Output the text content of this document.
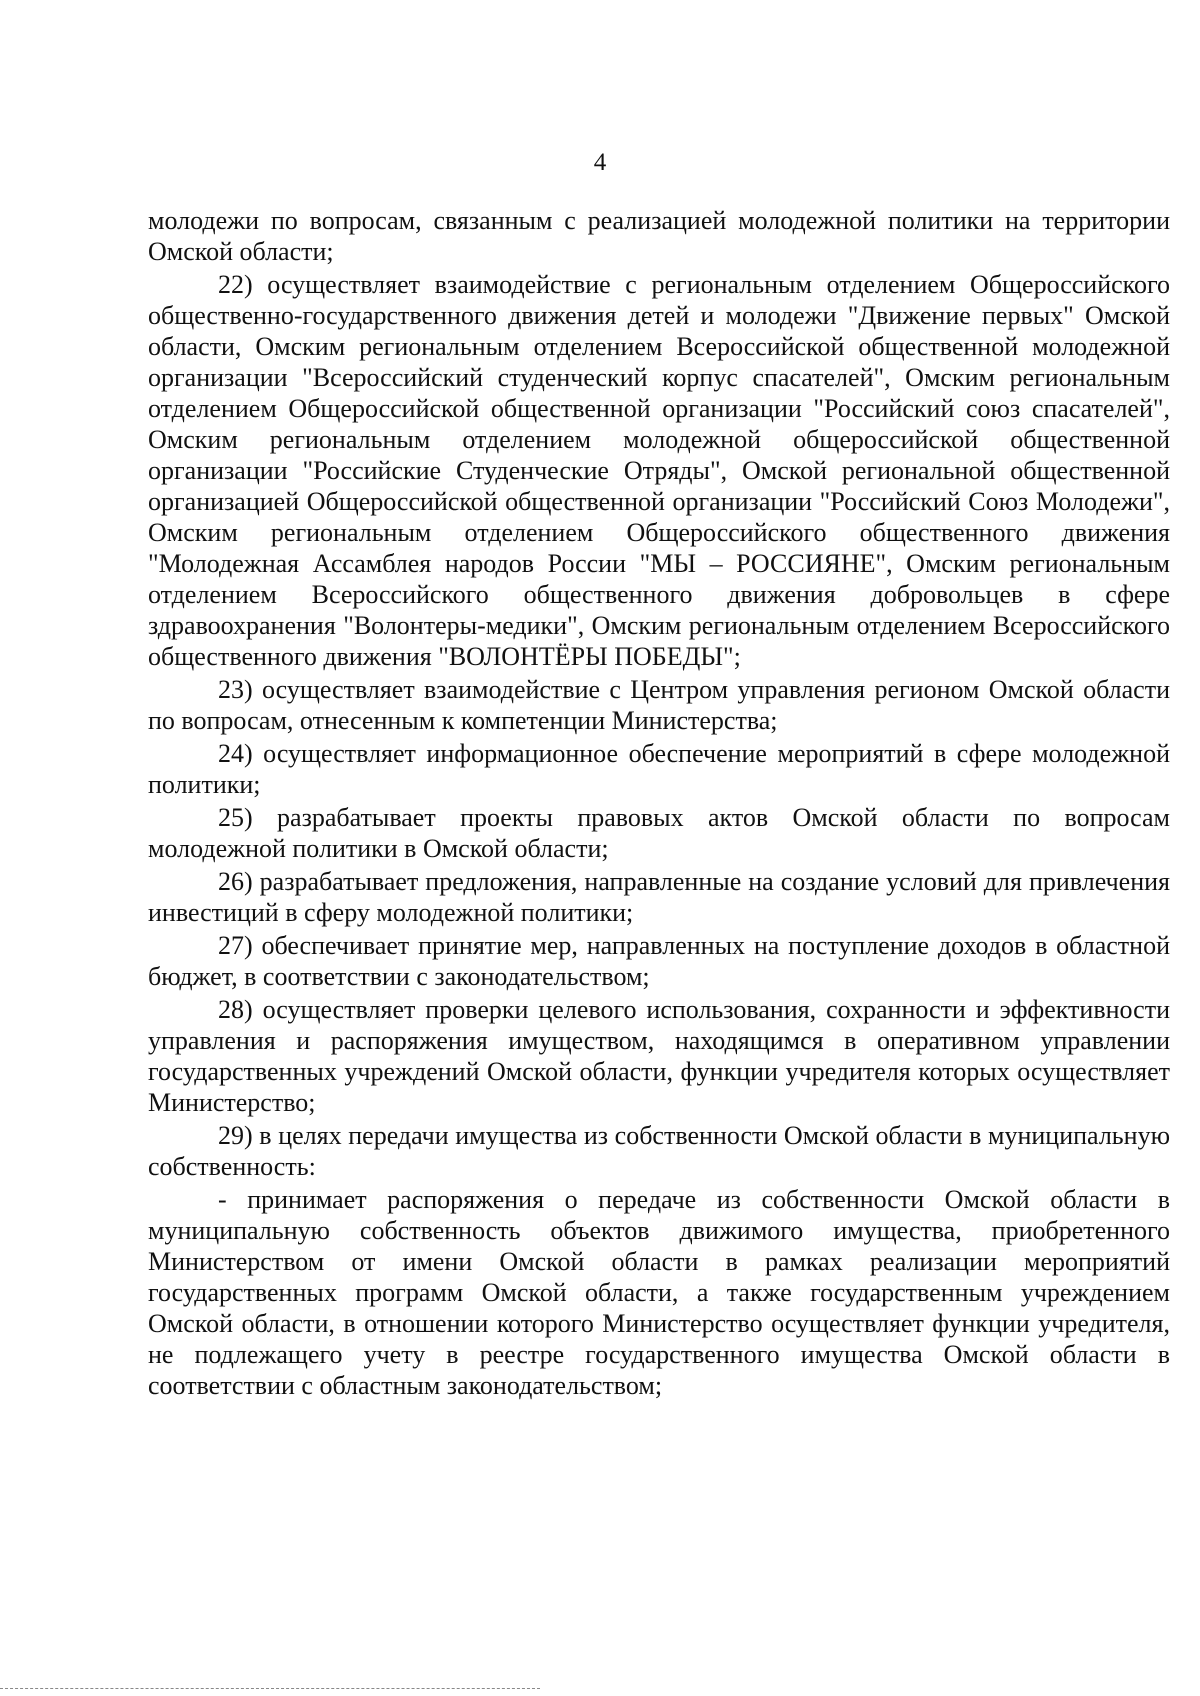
4

молодежи по вопросам, связанным с реализацией молодежной политики на территории Омской области;

22) осуществляет взаимодействие с региональным отделением Общероссийского общественно-государственного движения детей и молодежи "Движение первых" Омской области, Омским региональным отделением Всероссийской общественной молодежной организации "Всероссийский студенческий корпус спасателей", Омским региональным отделением Общероссийской общественной организации "Российский союз спасателей", Омским региональным отделением молодежной общероссийской общественной организации "Российские Студенческие Отряды", Омской региональной общественной организацией Общероссийской общественной организации "Российский Союз Молодежи", Омским региональным отделением Общероссийского общественного движения "Молодежная Ассамблея народов России "МЫ – РОССИЯНЕ", Омским региональным отделением Всероссийского общественного движения добровольцев в сфере здравоохранения "Волонтеры-медики", Омским региональным отделением Всероссийского общественного движения "ВОЛОНТЁРЫ ПОБЕДЫ";

23) осуществляет взаимодействие с Центром управления регионом Омской области по вопросам, отнесенным к компетенции Министерства;

24) осуществляет информационное обеспечение мероприятий в сфере молодежной политики;

25) разрабатывает проекты правовых актов Омской области по вопросам молодежной политики в Омской области;

26) разрабатывает предложения, направленные на создание условий для привлечения инвестиций в сферу молодежной политики;

27) обеспечивает принятие мер, направленных на поступление доходов в областной бюджет, в соответствии с законодательством;

28) осуществляет проверки целевого использования, сохранности и эффективности управления и распоряжения имуществом, находящимся в оперативном управлении государственных учреждений Омской области, функции учредителя которых осуществляет Министерство;

29) в целях передачи имущества из собственности Омской области в муниципальную собственность:

- принимает распоряжения о передаче из собственности Омской области в муниципальную собственность объектов движимого имущества, приобретенного Министерством от имени Омской области в рамках реализации мероприятий государственных программ Омской области, а также государственным учреждением Омской области, в отношении которого Министерство осуществляет функции учредителя, не подлежащего учету в реестре государственного имущества Омской области в соответствии с областным законодательством;
